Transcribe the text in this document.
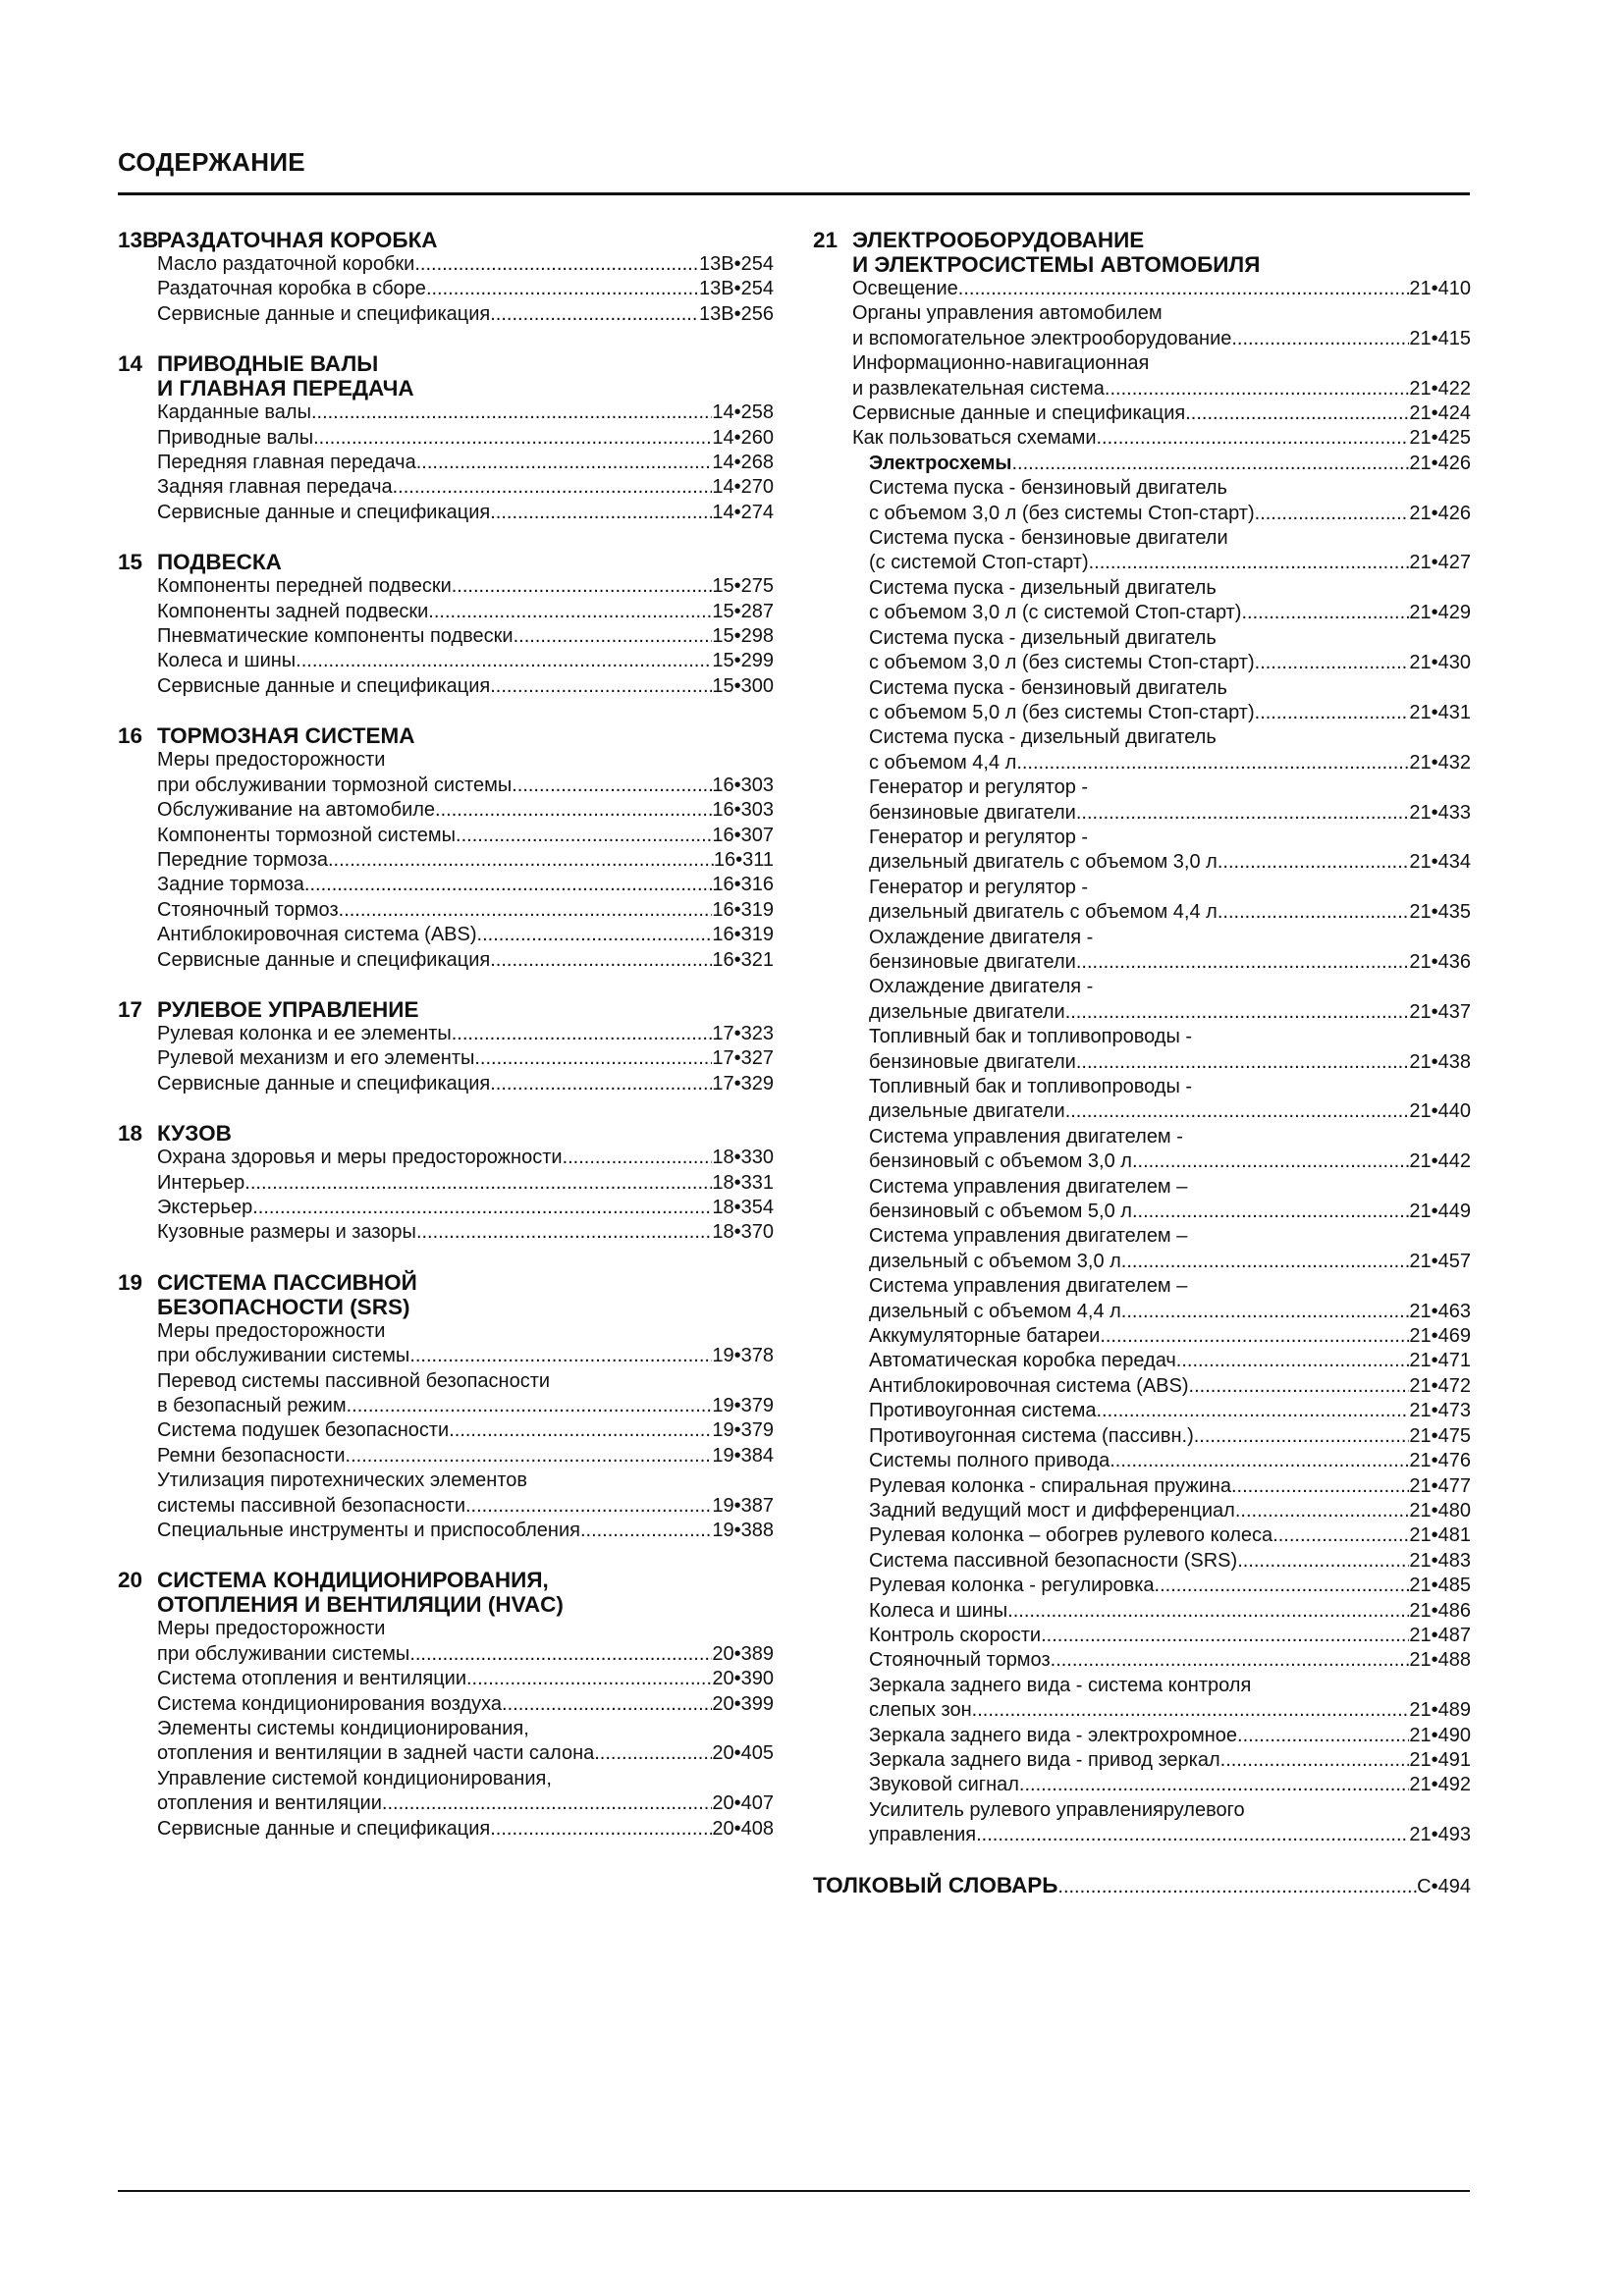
СОДЕРЖАНИЕ
13B
РАЗДАТОЧНАЯ КОРОБКА
Масло раздаточной коробки .....	13B•254
Раздаточная коробка в сборе .....	13B•254
Сервисные данные и спецификация .....	13B•256
14 ПРИВОДНЫЕ ВАЛЫ
И ГЛАВНАЯ ПЕРЕДАЧА
Карданные валы .....	14•258
Приводные валы .....	14•260
Передняя главная передача .....	14•268
Задняя главная передача .....	14•270
Сервисные данные и спецификация .....	14•274
15 ПОДВЕСКА
Компоненты передней подвески .....	15•275
Компоненты задней подвески .....	15•287
Пневматические компоненты подвески .....	15•298
Колеса и шины .....	15•299
Сервисные данные и спецификация .....	15•300
16 ТОРМОЗНАЯ СИСТЕМА
Меры предосторожности
при обслуживании тормозной системы .....	16•303
Обслуживание на автомобиле .....	16•303
Компоненты тормозной системы .....	16•307
Передние тормоза .....	16•311
Задние тормоза .....	16•316
Стояночный тормоз .....	16•319
Антиблокировочная система (ABS) .....	16•319
Сервисные данные и спецификация .....	16•321
17 РУЛЕВОЕ УПРАВЛЕНИЕ
Рулевая колонка и ее элементы .....	17•323
Рулевой механизм и его элементы .....	17•327
Сервисные данные и спецификация .....	17•329
18 КУЗОВ
Охрана здоровья и меры предосторожности .....	18•330
Интерьер .....	18•331
Экстерьер .....	18•354
Кузовные размеры и зазоры .....	18•370
19 СИСТЕМА ПАССИВНОЙ
БЕЗОПАСНОСТИ (SRS)
Меры предосторожности
при обслуживании системы .....	19•378
Перевод системы пассивной безопасности
в безопасный режим .....	19•379
Система подушек безопасности .....	19•379
Ремни безопасности .....	19•384
Утилизация пиротехнических элементов
системы пассивной безопасности .....	19•387
Специальные инструменты и приспособления .....	19•388
20 СИСТЕМА КОНДИЦИОНИРОВАНИЯ,
ОТОПЛЕНИЯ И ВЕНТИЛЯЦИИ (HVAC)
Меры предосторожности
при обслуживании системы .....	20•389
Система отопления и вентиляции .....	20•390
Система кондиционирования воздуха .....	20•399
Элементы системы кондиционирования,
отопления и вентиляции в задней части салона .....	20•405
Управление системой кондиционирования,
отопления и вентиляции .....	20•407
Сервисные данные и спецификация .....	20•408
21 ЭЛЕКТРООБОРУДОВАНИЕ
И ЭЛЕКТРОСИСТЕМЫ АВТОМОБИЛЯ
Освещение .....	21•410
Органы управления автомобилем
и вспомогательное электрооборудование .....	21•415
Информационно-навигационная
и развлекательная система .....	21•422
Сервисные данные и спецификация .....	21•424
Как пользоваться схемами .....	21•425
Электросхемы .....	21•426
Система пуска - бензиновый двигатель
с объемом 3,0 л (без системы Стоп-старт) .....	21•426
Система пуска - бензиновые двигатели
(с системой Стоп-старт) .....	21•427
Система пуска - дизельный двигатель
с объемом 3,0 л (с системой Стоп-старт) .....	21•429
Система пуска - дизельный двигатель
с объемом 3,0 л (без системы Стоп-старт) .....	21•430
Система пуска - бензиновый двигатель
с объемом 5,0 л (без системы Стоп-старт) .....	21•431
Система пуска - дизельный двигатель
с объемом 4,4 л .....	21•432
Генератор и регулятор -
бензиновые двигатели .....	21•433
Генератор и регулятор -
дизельный двигатель с объемом 3,0 л .....	21•434
Генератор и регулятор -
дизельный двигатель с объемом 4,4 л .....	21•435
Охлаждение двигателя -
бензиновые двигатели .....	21•436
Охлаждение двигателя -
дизельные двигатели .....	21•437
Топливный бак и топливопроводы -
бензиновые двигатели .....	21•438
Топливный бак и топливопроводы -
дизельные двигатели .....	21•440
Система управления двигателем -
бензиновый с объемом 3,0 л .....	21•442
Система управления двигателем –
бензиновый с объемом 5,0 л .....	21•449
Система управления двигателем –
дизельный с объемом 3,0 л .....	21•457
Система управления двигателем –
дизельный с объемом 4,4 л .....	21•463
Аккумуляторные батареи .....	21•469
Автоматическая коробка передач .....	21•471
Антиблокировочная система (ABS) .....	21•472
Противоугонная система .....	21•473
Противоугонная система (пассивн.) .....	21•475
Системы полного привода .....	21•476
Рулевая колонка - спиральная пружина .....	21•477
Задний ведущий мост и дифференциал .....	21•480
Рулевая колонка – обогрев рулевого колеса .....	21•481
Система пассивной безопасности (SRS) .....	21•483
Рулевая колонка - регулировка .....	21•485
Колеса и шины .....	21•486
Контроль скорости .....	21•487
Стояночный тормоз .....	21•488
Зеркала заднего вида - система контроля
слепых зон .....	21•489
Зеркала заднего вида - электрохромное .....	21•490
Зеркала заднего вида - привод зеркал .....	21•491
Звуковой сигнал .....	21•492
Усилитель рулевого управлениярулевого
управления .....	21•493
ТОЛКОВЫЙ СЛОВАРЬ .....	C•494
